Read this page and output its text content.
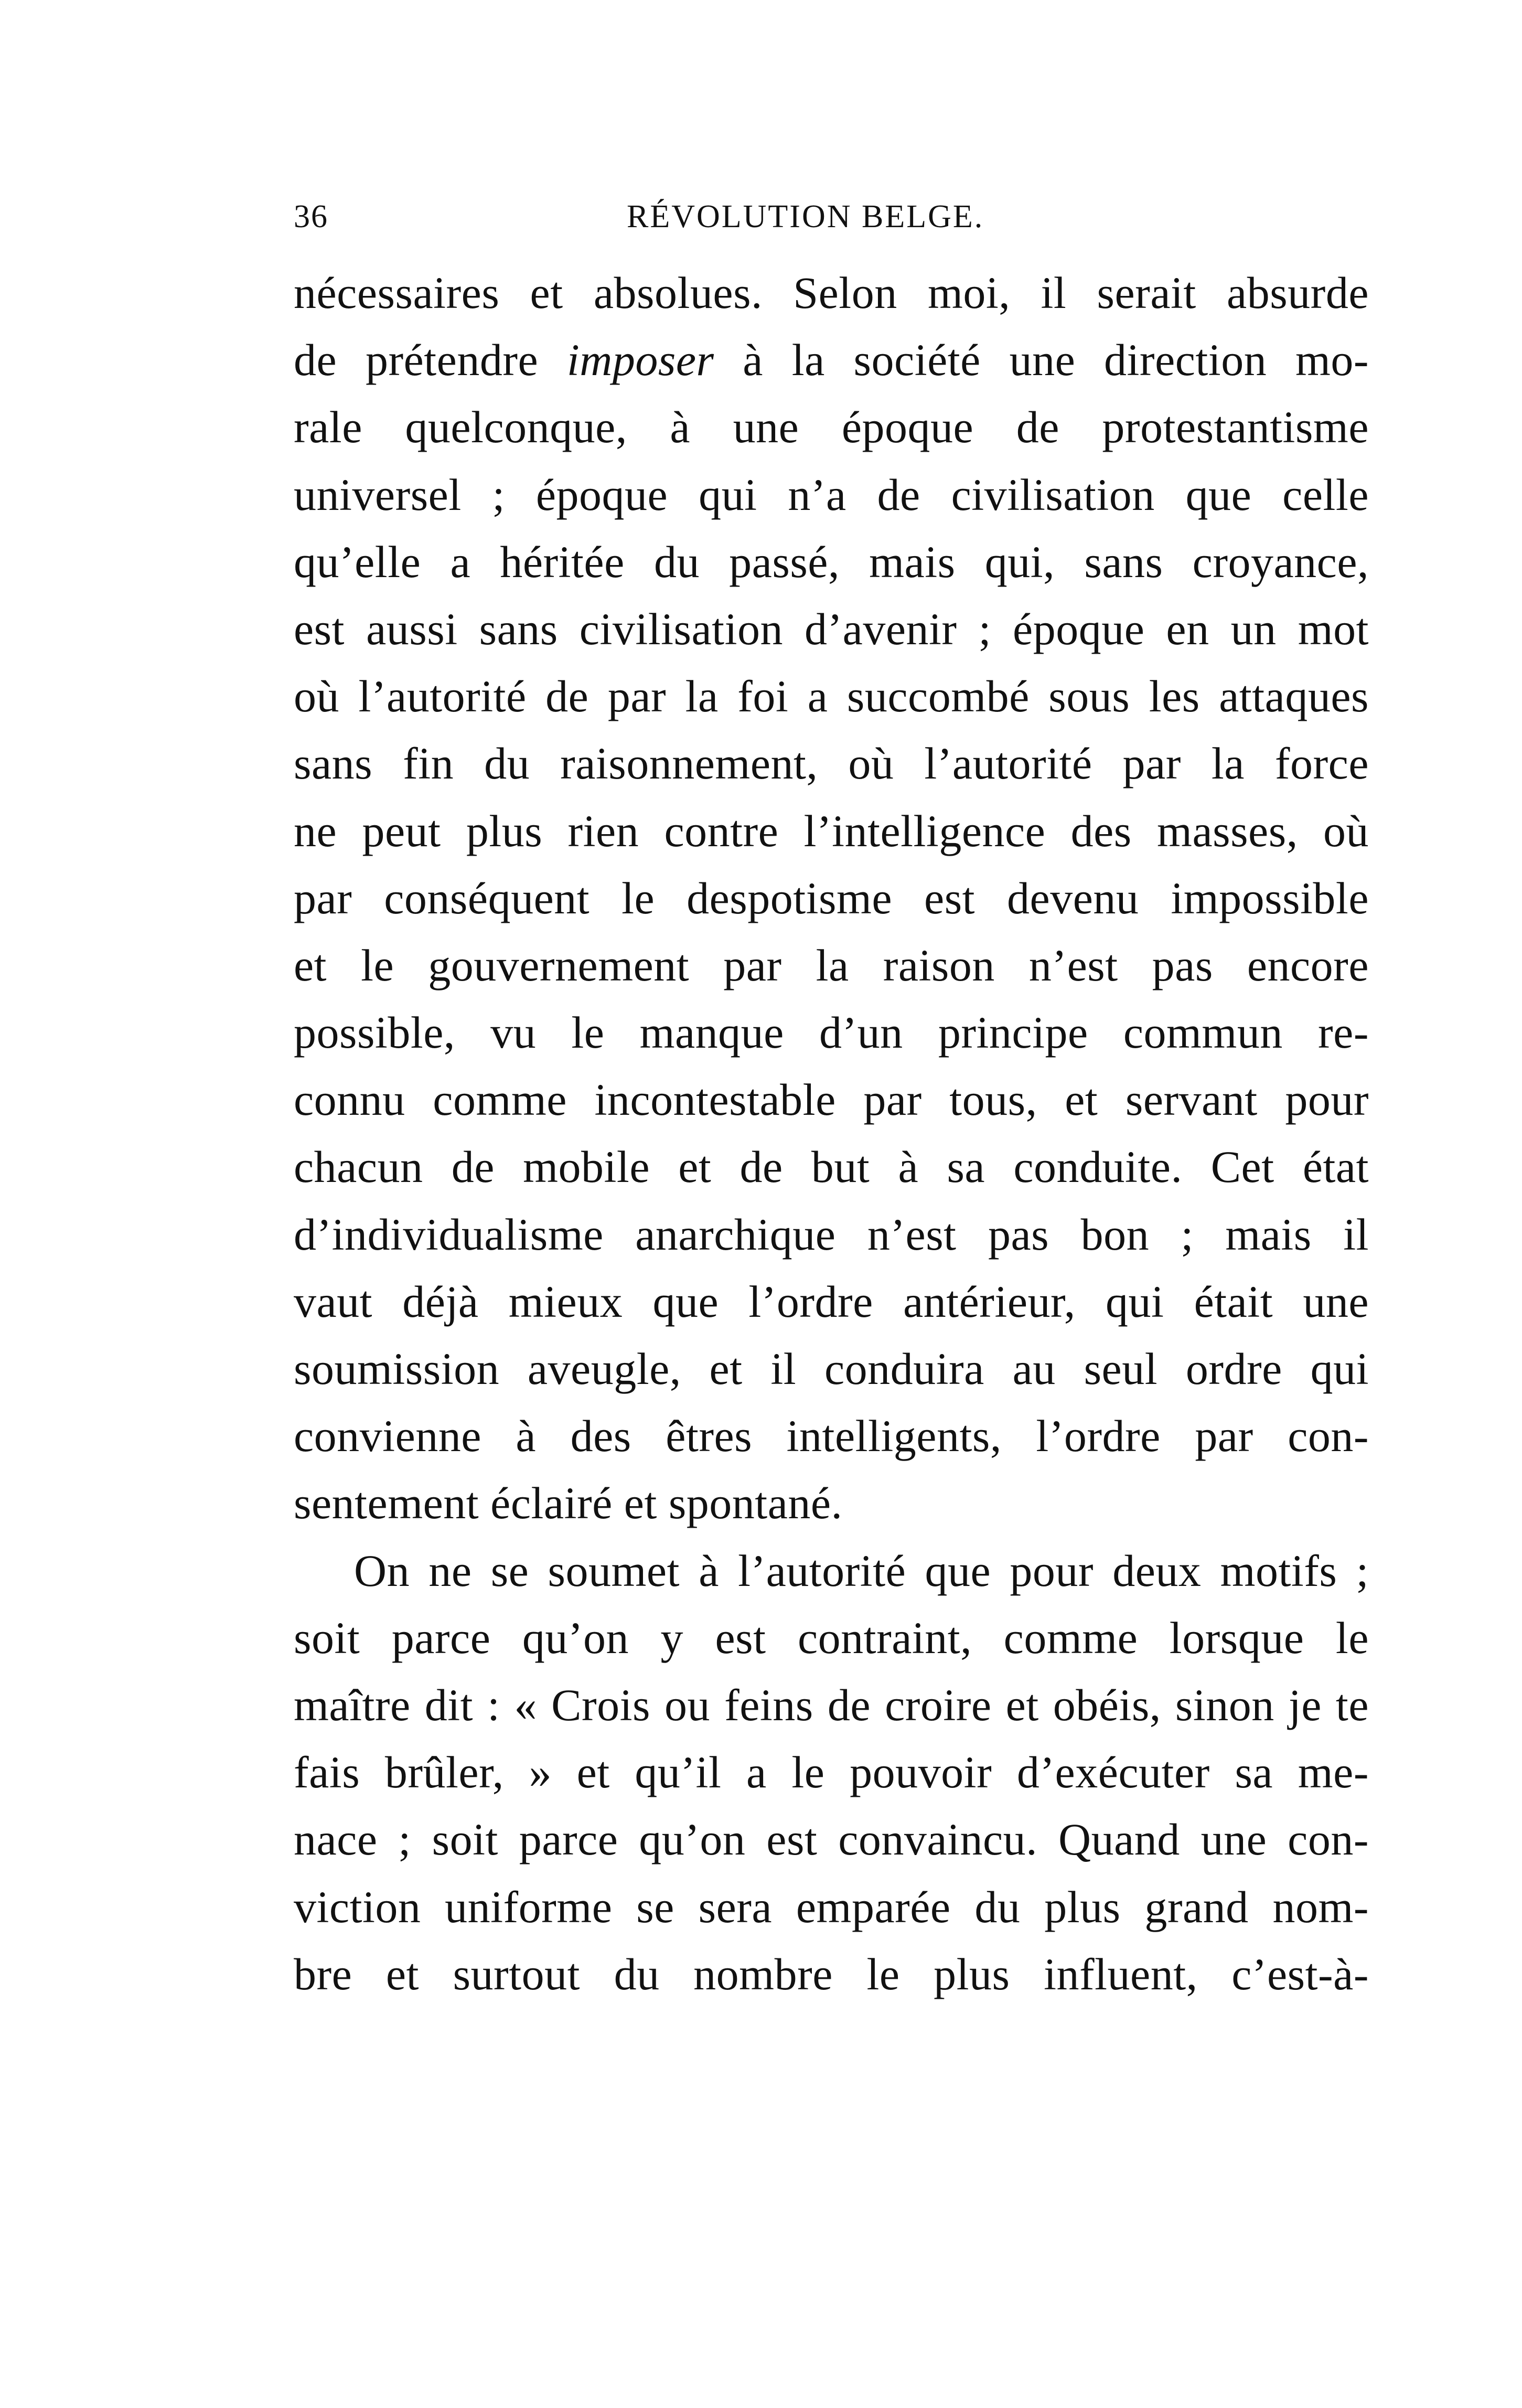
36	RÉVOLUTION BELGE.
nécessaires et absolues. Selon moi, il serait absurde
de prétendre imposer à la société une direction mo-
rale quelconque, à une époque de protestantisme
universel ; époque qui n’a de civilisation que celle
qu’elle a héritée du passé, mais qui, sans croyance,
est aussi sans civilisation d’avenir ; époque en un mot
où l’autorité de par la foi a succombé sous les attaques
sans fin du raisonnement, où l’autorité par la force
ne peut plus rien contre l’intelligence des masses, où
par conséquent le despotisme est devenu impossible
et le gouvernement par la raison n’est pas encore
possible, vu le manque d’un principe commun re-
connu comme incontestable par tous, et servant pour
chacun de mobile et de but à sa conduite. Cet état
d’individualisme anarchique n’est pas bon ; mais il
vaut déjà mieux que l’ordre antérieur, qui était une
soumission aveugle, et il conduira au seul ordre qui
convienne à des êtres intelligents, l’ordre par con-
sentement éclairé et spontané.
On ne se soumet à l’autorité que pour deux motifs ;
soit parce qu’on y est contraint, comme lorsque le
maître dit : « Crois ou feins de croire et obéis, sinon je te
fais brûler, » et qu’il a le pouvoir d’exécuter sa me-
nace ; soit parce qu’on est convaincu. Quand une con-
viction uniforme se sera emparée du plus grand nom-
bre et surtout du nombre le plus influent, c’est-à-
